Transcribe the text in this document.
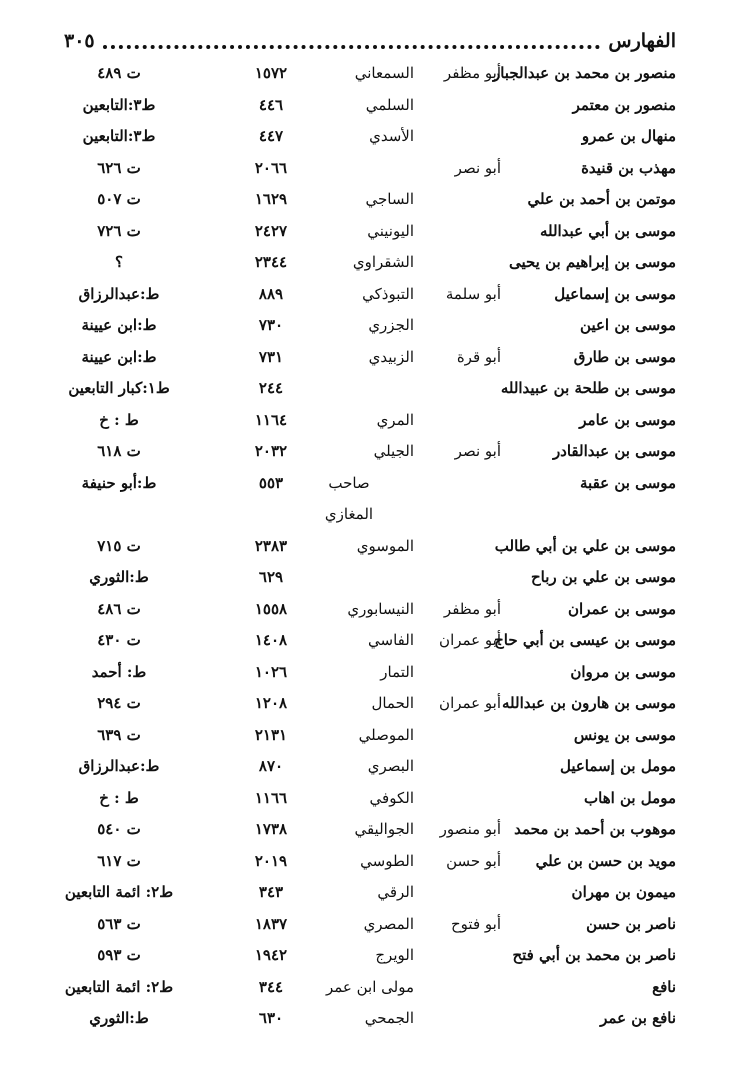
الفهارس
٣٠٥
منصور بن محمد بن عبدالجبار
أبو مظفر
السمعاني
١٥٧٢
ت ٤٨٩
منصور بن معتمر
السلمي
٤٤٦
ط٣:التابعين
منهال بن عمرو
الأسدي
٤٤٧
ط٣:التابعين
مهذب بن قنيدة
أبو نصر
٢٠٦٦
ت ٦٢٦
موتمن بن أحمد بن علي
الساجي
١٦٢٩
ت ٥٠٧
موسى بن أبي عبدالله
اليونيني
٢٤٢٧
ت ٧٢٦
موسى بن إبراهيم بن يحيى
الشقراوي
٢٣٤٤
؟
موسى بن إسماعيل
أبو سلمة
التبوذكي
٨٨٩
ط:عبدالرزاق
موسى بن اعين
الجزري
٧٣٠
ط:ابن عيينة
موسى بن طارق
أبو قرة
الزبيدي
٧٣١
ط:ابن عيينة
موسى بن طلحة بن عبيدالله
٢٤٤
ط١:كبار التابعين
موسى بن عامر
المري
١١٦٤
ط : خ
موسى بن عبدالقادر
أبو نصر
الجيلي
٢٠٣٢
ت ٦١٨
موسى بن عقبة
صاحب المغازي
٥٥٣
ط:أبو حنيفة
موسى بن علي بن أبي طالب
الموسوي
٢٣٨٣
ت ٧١٥
موسى بن علي بن رباح
٦٢٩
ط:الثوري
موسى بن عمران
أبو مظفر
النيسابوري
١٥٥٨
ت ٤٨٦
موسى بن عيسى بن أبي حاج
أبو عمران
الفاسي
١٤٠٨
ت ٤٣٠
موسى بن مروان
التمار
١٠٢٦
ط: أحمد
موسى بن هارون بن عبدالله
أبو عمران
الحمال
١٢٠٨
ت ٢٩٤
موسى بن يونس
الموصلي
٢١٣١
ت ٦٣٩
مومل بن إسماعيل
البصري
٨٧٠
ط:عبدالرزاق
مومل بن اهاب
الكوفي
١١٦٦
ط : خ
موهوب بن أحمد بن محمد
أبو منصور
الجواليقي
١٧٣٨
ت ٥٤٠
مويد بن حسن بن علي
أبو حسن
الطوسي
٢٠١٩
ت ٦١٧
ميمون بن مهران
الرقي
٣٤٣
ط٢: ائمة التابعين
ناصر بن حسن
أبو فتوح
المصري
١٨٣٧
ت ٥٦٣
ناصر بن محمد بن أبي فتح
الويرج
١٩٤٢
ت ٥٩٣
نافع
مولى ابن عمر
٣٤٤
ط٢: ائمة التابعين
نافع بن عمر
الجمحي
٦٣٠
ط:الثوري
